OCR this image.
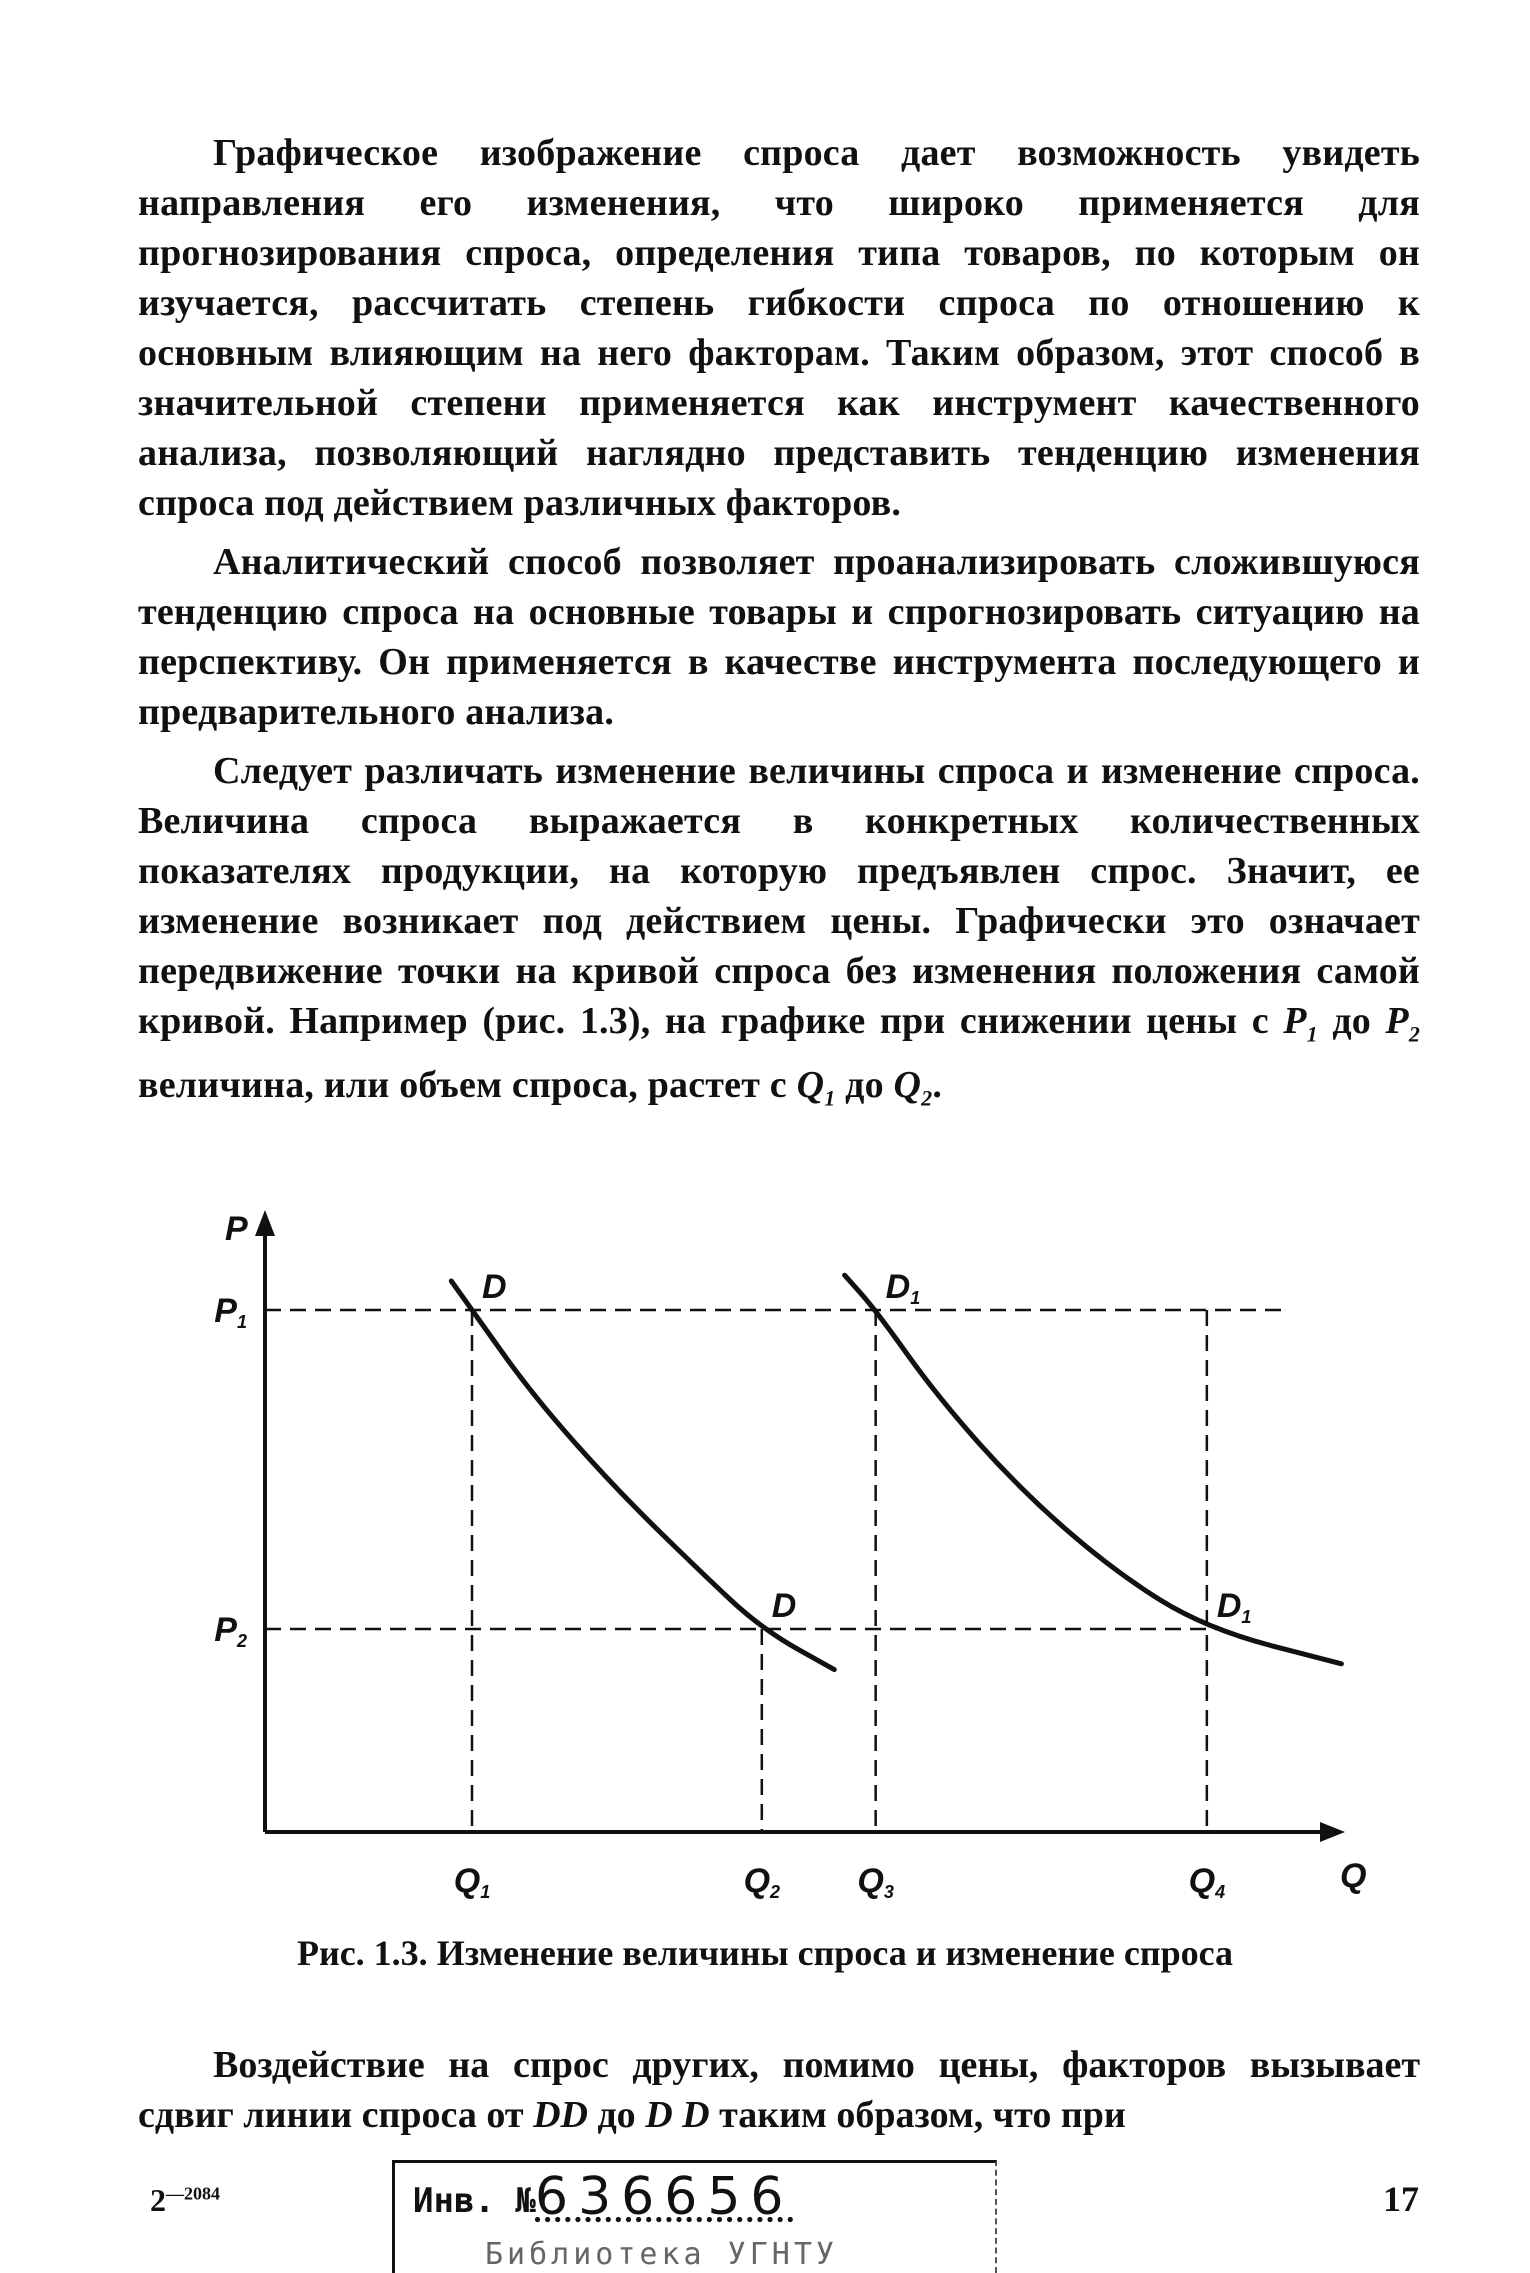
Графическое изображение спроса дает возможность увидеть направления его изменения, что широко применяется для прогнозирования спроса, определения типа товаров, по которым он изучается, рассчитать степень гибкости спроса по отношению к основным влияющим на него факторам. Таким образом, этот способ в значительной степени применяется как инструмент качественного анализа, позволяющий наглядно представить тенденцию изменения спроса под действием различных факторов.

Аналитический способ позволяет проанализировать сложившуюся тенденцию спроса на основные товары и спрогнозировать ситуацию на перспективу. Он применяется в качестве инструмента последующего и предварительного анализа.

Следует различать изменение величины спроса и изменение спроса. Величина спроса выражается в конкретных количественных показателях продукции, на которую предъявлен спрос. Значит, ее изменение возникает под действием цены. Графически это означает передвижение точки на кривой спроса без изменения положения самой кривой. Например (рис. 1.3), на графике при снижении цены с $P_1$ до $P_2$ величина, или объем спроса, растет с $Q_1$ до $Q_2$.

P
Q
Q1	Q2 Q3	Q4
P1
P2
D
D
D1
D1
Рис. 1.3. Изменение величины спроса и изменение спроса
Воздействие на спрос других, помимо цены, факторов вызывает сдвиг линии спроса от DD до D D таким образом, что при
$2^{—2084}$	Инв. № 636656
Библиотека УГНТУ
17
